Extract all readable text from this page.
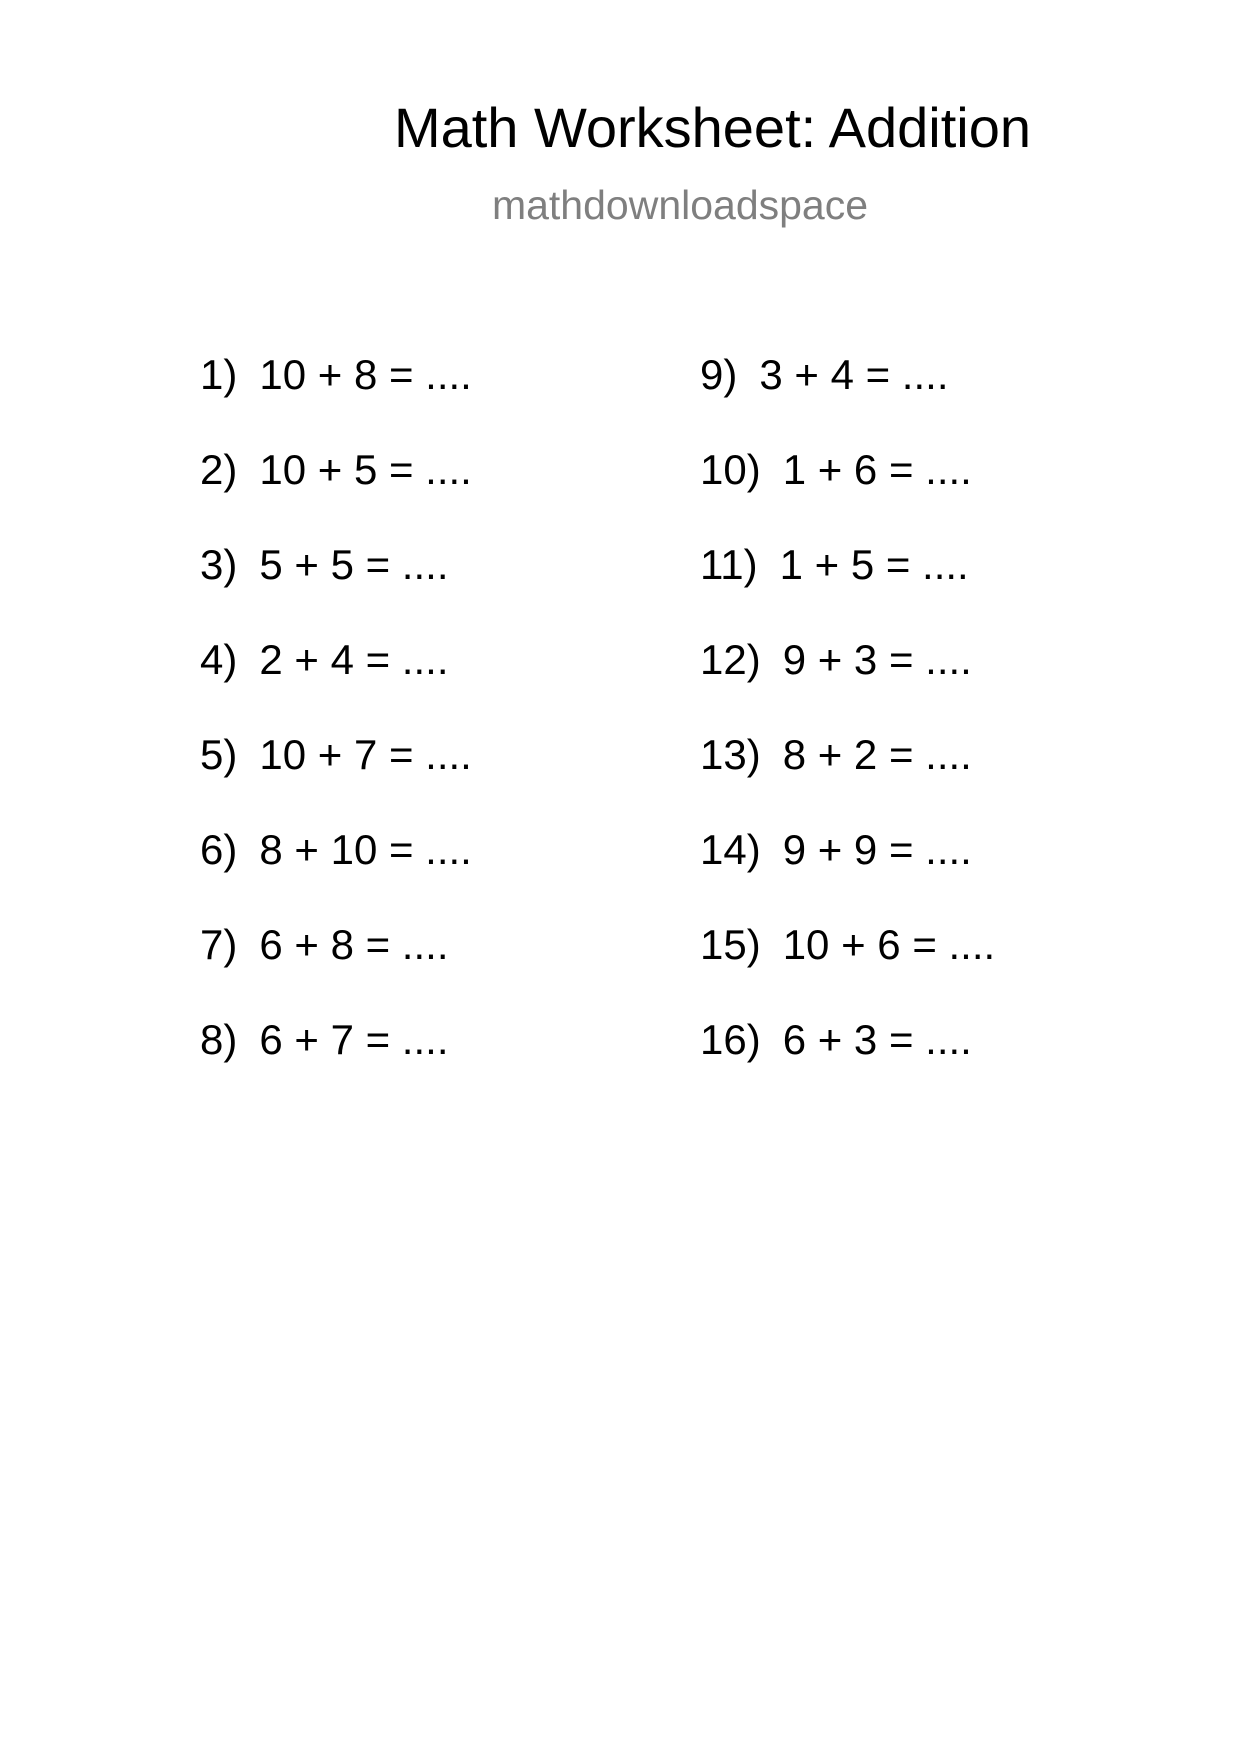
Math Worksheet: Addition
mathdownloadspace
1) 10 + 8 = ....
2) 10 + 5 = ....
3) 5 + 5 = ....
4) 2 + 4 = ....
5) 10 + 7 = ....
6) 8 + 10 = ....
7) 6 + 8 = ....
8) 6 + 7 = ....
9) 3 + 4 = ....
10) 1 + 6 = ....
11) 1 + 5 = ....
12) 9 + 3 = ....
13) 8 + 2 = ....
14) 9 + 9 = ....
15) 10 + 6 = ....
16) 6 + 3 = ....
